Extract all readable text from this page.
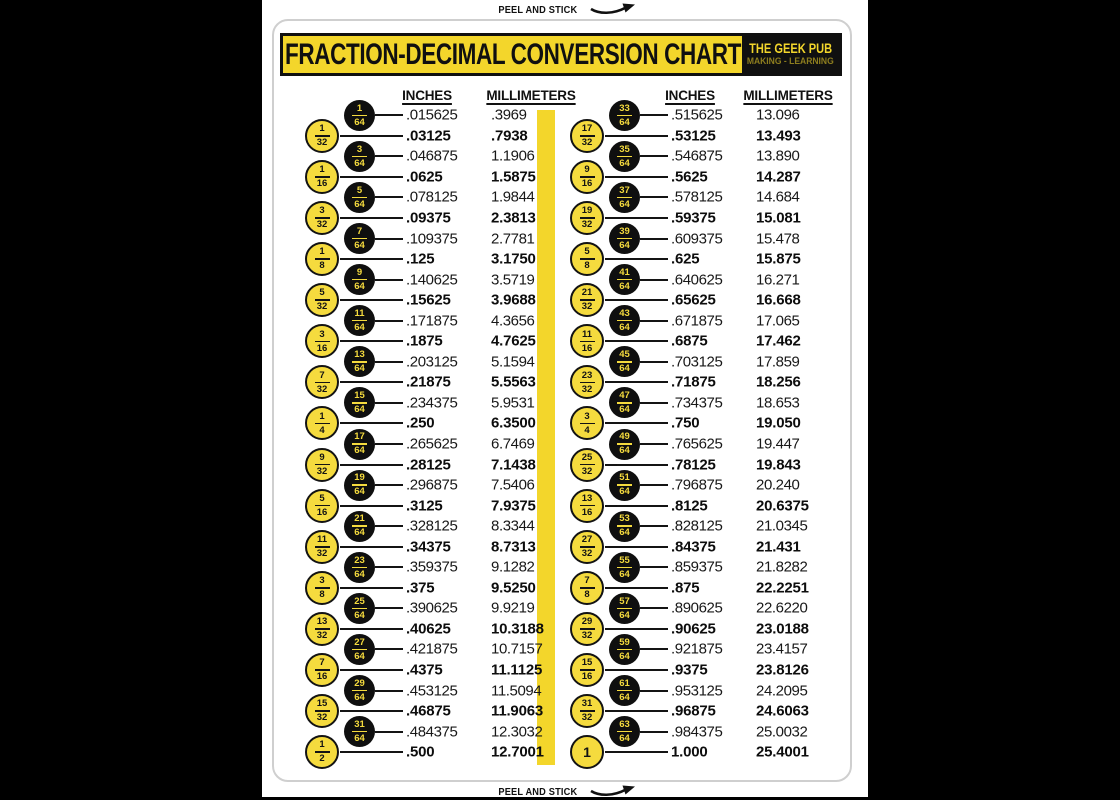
PEEL AND STICK
FRACTION-DECIMAL CONVERSION CHART THE GEEK PUB
MAKING - LEARNING
INCHES	MILLIMETERS	INCHES MILLIMETERS
1
64	.015625 .3969
1
32	.03125	.7938
3
64	.046875 1.1906
1
16	.0625	1.5875
5
64	.078125 1.9844
3
32	.09375	2.3813
7
64	.109375 2.7781
1
8	.125	3.1750
9
64	.140625 3.5719
5
32	.15625	3.9688
11
64	.171875 4.3656
3
16	.1875	4.7625
13
64	.203125 5.1594
7
32	.21875	5.5563
15
64	.234375 5.9531
1
4	.250	6.3500
17
64	.265625 6.7469
9
32	.28125	7.1438
19
64	.296875 7.5406
5
16	.3125	7.9375
21
64	.328125 8.3344
11
32	.34375	8.7313
23
64	.359375 9.1282
3
8	.375	9.5250
25
64	.390625 9.9219
13
32	.40625	10.3188
27
64	.421875 10.7157
7
16	.4375	11.1125
29
64	.453125 11.5094
15
32	.46875	11.9063
31
64	.484375 12.3032
1
2	.500	12.7001
33
64	.515625 13.096
17
32	.53125	13.493
35
64	.546875 13.890
9
16	.5625	14.287
37
64	.578125 14.684
19
32	.59375	15.081
39
64	.609375 15.478
5
8	.625	15.875
41
64	.640625 16.271
21
32	.65625	16.668
43
64	.671875 17.065
11
16	.6875	17.462
45
64	.703125 17.859
23
32	.71875	18.256
47
64	.734375 18.653
3
4	.750	19.050
49
64	.765625 19.447
25
32	.78125	19.843
51
64	.796875 20.240
13
16	.8125	20.6375
53
64	.828125 21.0345
27
32	.84375	21.431
55
64	.859375 21.8282
7
8	.875	22.2251
57
64	.890625 22.6220
29
32	.90625	23.0188
59
64	.921875 23.4157
15
16	.9375	23.8126
61
64	.953125 24.2095
31
32	.96875	24.6063
63
64	.984375 25.0032
1	1.000	25.4001
PEEL AND STICK
